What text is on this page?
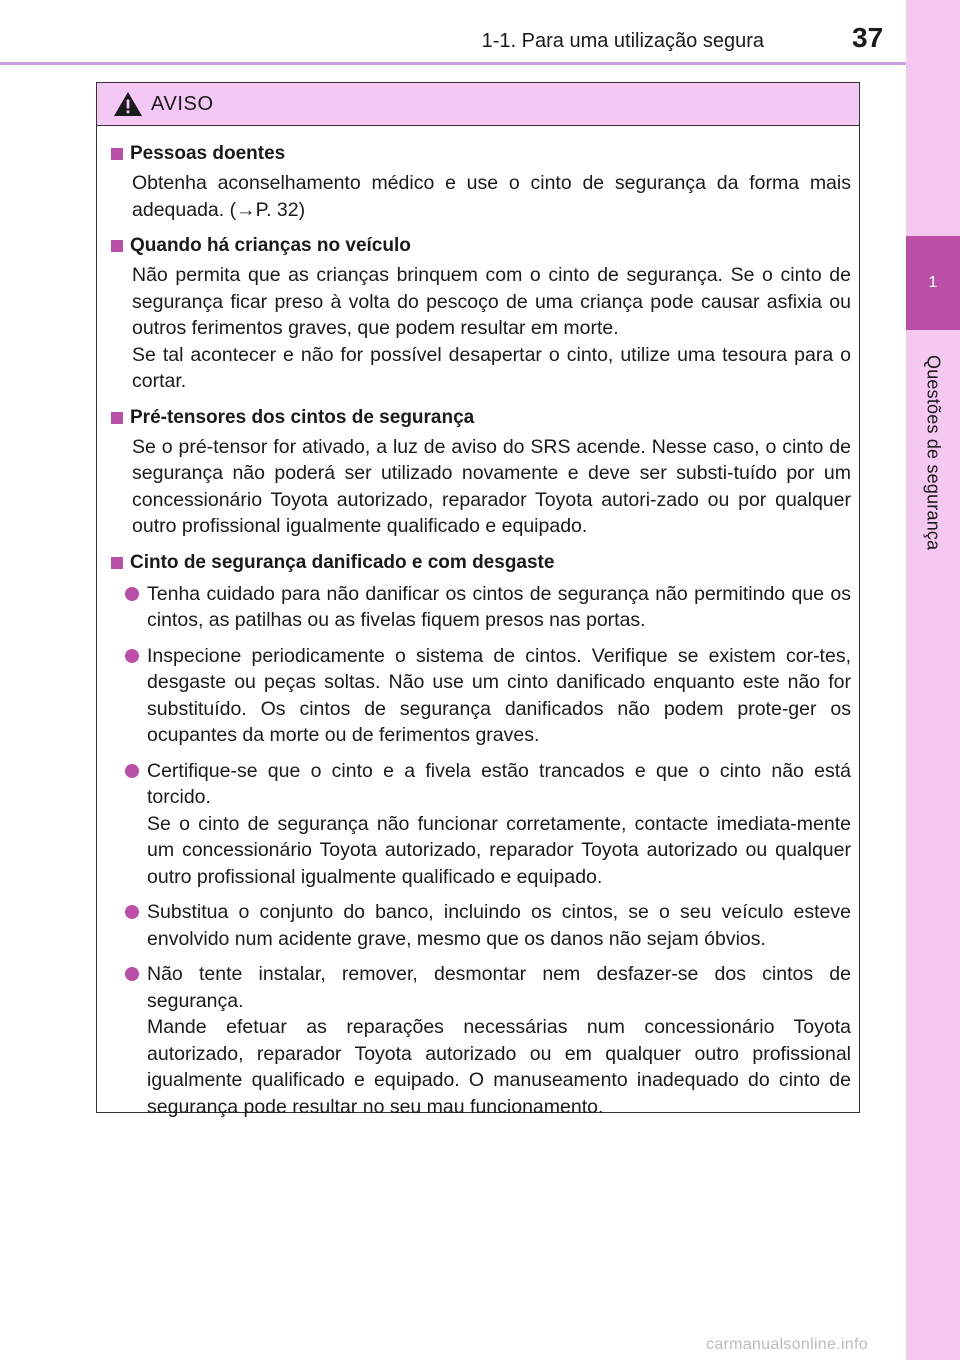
1-1. Para uma utilização segura	37
1
Questões de segurança
AVISO
Pessoas doentes

Obtenha aconselhamento médico e use o cinto de segurança da forma mais adequada. (→P. 32)

Quando há crianças no veículo

Não permita que as crianças brinquem com o cinto de segurança. Se o cinto de segurança ficar preso à volta do pescoço de uma criança pode causar asfixia ou outros ferimentos graves, que podem resultar em morte.

Se tal acontecer e não for possível desapertar o cinto, utilize uma tesoura para o cortar.

Pré-tensores dos cintos de segurança

Se o pré-tensor for ativado, a luz de aviso do SRS acende. Nesse caso, o cinto de segurança não poderá ser utilizado novamente e deve ser substi-tuído por um concessionário Toyota autorizado, reparador Toyota autori-zado ou por qualquer outro profissional igualmente qualificado e equipado.

Cinto de segurança danificado e com desgaste

Tenha cuidado para não danificar os cintos de segurança não permitindo que os cintos, as patilhas ou as fivelas fiquem presos nas portas.

Inspecione periodicamente o sistema de cintos. Verifique se existem cor-tes, desgaste ou peças soltas. Não use um cinto danificado enquanto este não for substituído. Os cintos de segurança danificados não podem prote-ger os ocupantes da morte ou de ferimentos graves.

Certifique-se que o cinto e a fivela estão trancados e que o cinto não está torcido.

Se o cinto de segurança não funcionar corretamente, contacte imediata-mente um concessionário Toyota autorizado, reparador Toyota autorizado ou qualquer outro profissional igualmente qualificado e equipado.

Substitua o conjunto do banco, incluindo os cintos, se o seu veículo esteve envolvido num acidente grave, mesmo que os danos não sejam óbvios.

Não tente instalar, remover, desmontar nem desfazer-se dos cintos de segurança.

Mande efetuar as reparações necessárias num concessionário Toyota autorizado, reparador Toyota autorizado ou em qualquer outro profissional igualmente qualificado e equipado. O manuseamento inadequado do cinto de segurança pode resultar no seu mau funcionamento.

carmanualsonline.info
